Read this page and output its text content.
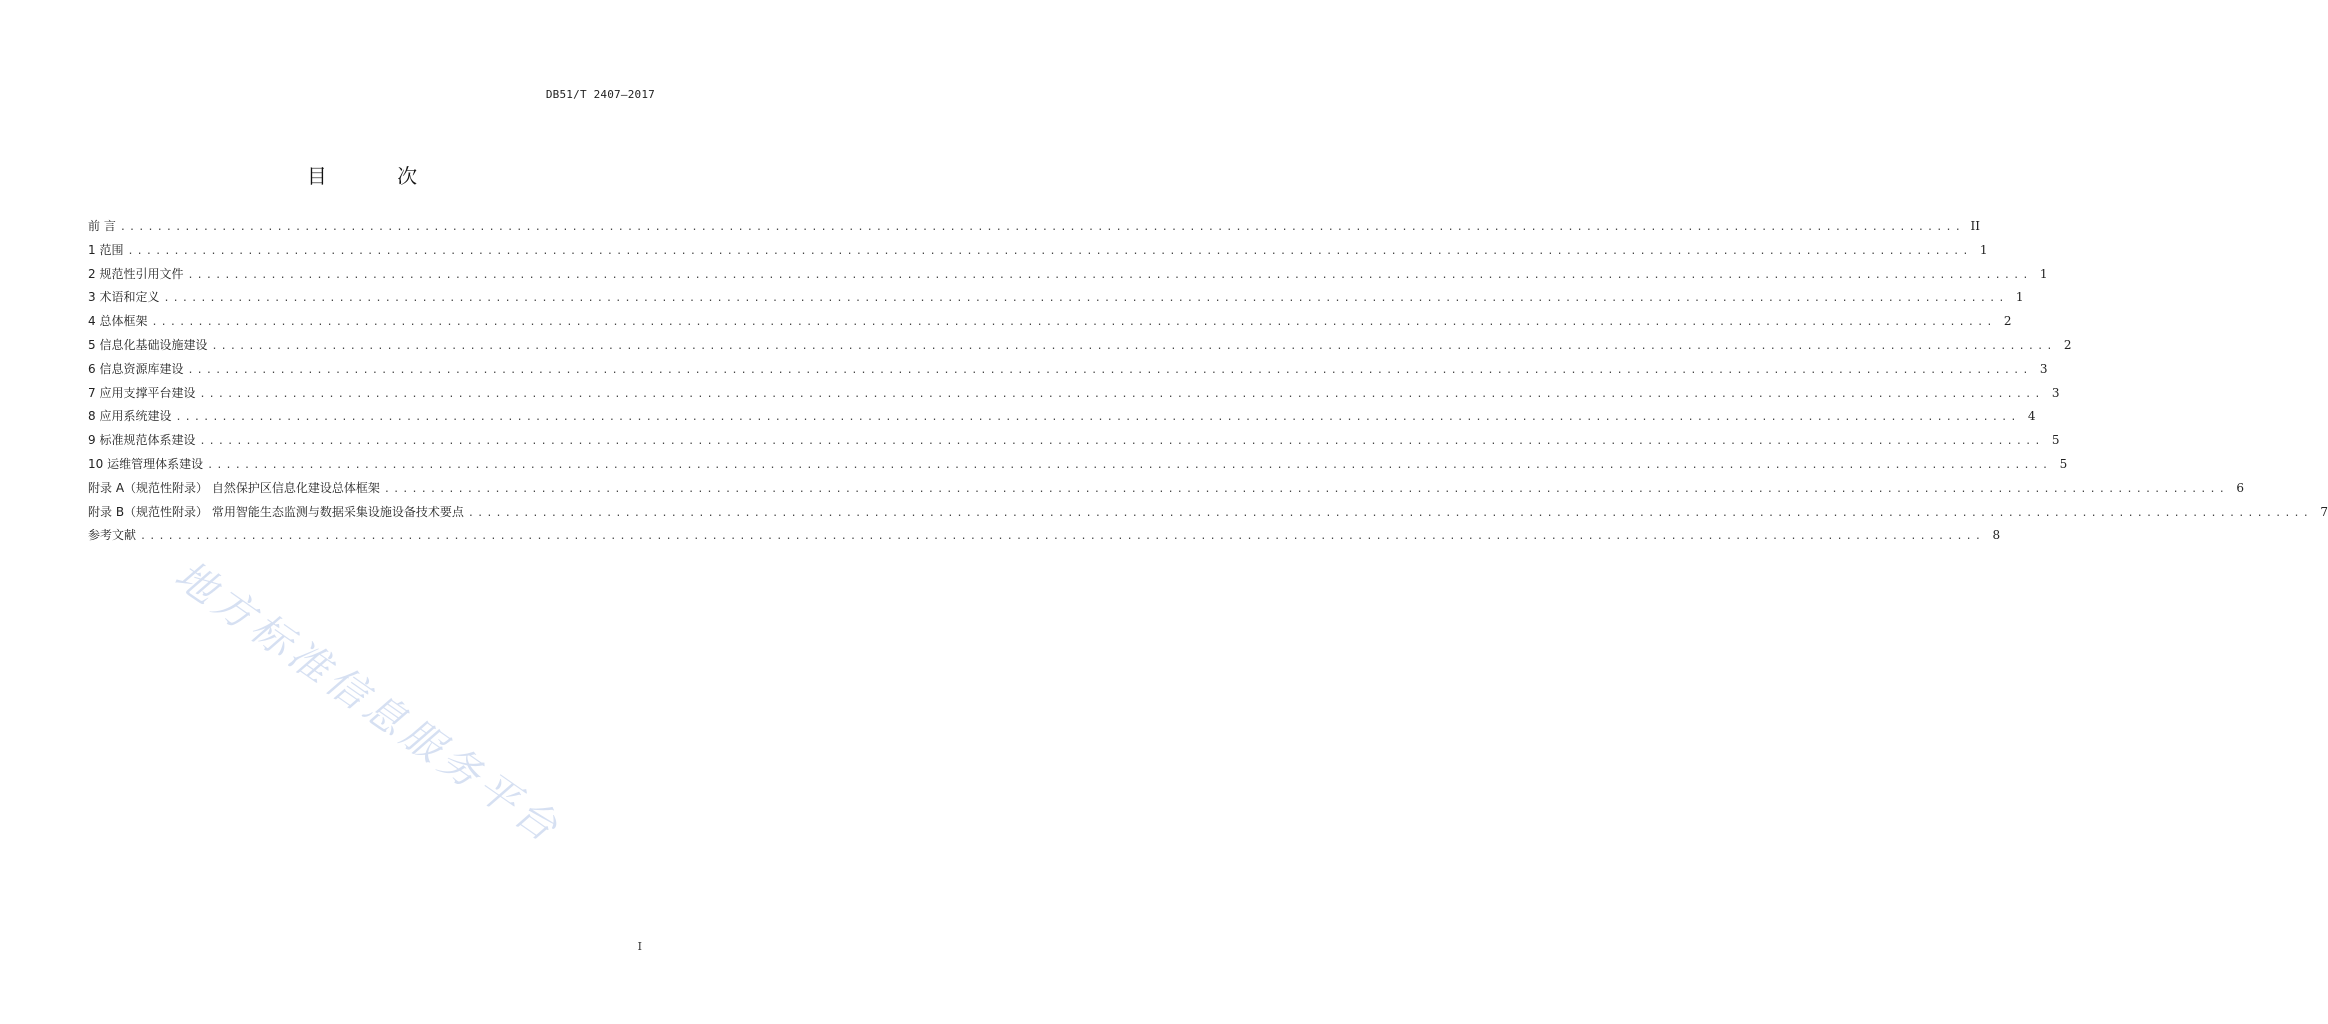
DB51/T 2407—2017
目 次
前 言 ........................................................................................................................................................................................................ II
1 范围 ........................................................................................................................................................................................................ 1
2 规范性引用文件 ........................................................................................................................................................................................................ 1
3 术语和定义 ........................................................................................................................................................................................................ 1
4 总体框架 ........................................................................................................................................................................................................ 2
5 信息化基础设施建设 ........................................................................................................................................................................................................ 2
6 信息资源库建设 ........................................................................................................................................................................................................ 3
7 应用支撑平台建设 ........................................................................................................................................................................................................ 3
8 应用系统建设 ........................................................................................................................................................................................................ 4
9 标准规范体系建设 ........................................................................................................................................................................................................ 5
10 运维管理体系建设 ........................................................................................................................................................................................................ 5
附录 A（规范性附录） 自然保护区信息化建设总体框架 ........................................................................................................................................................................................................ 6
附录 B（规范性附录） 常用智能生态监测与数据采集设施设备技术要点 ........................................................................................................................................................................................................ 7
参考文献 ........................................................................................................................................................................................................ 8
地方标准信息服务平台
I
